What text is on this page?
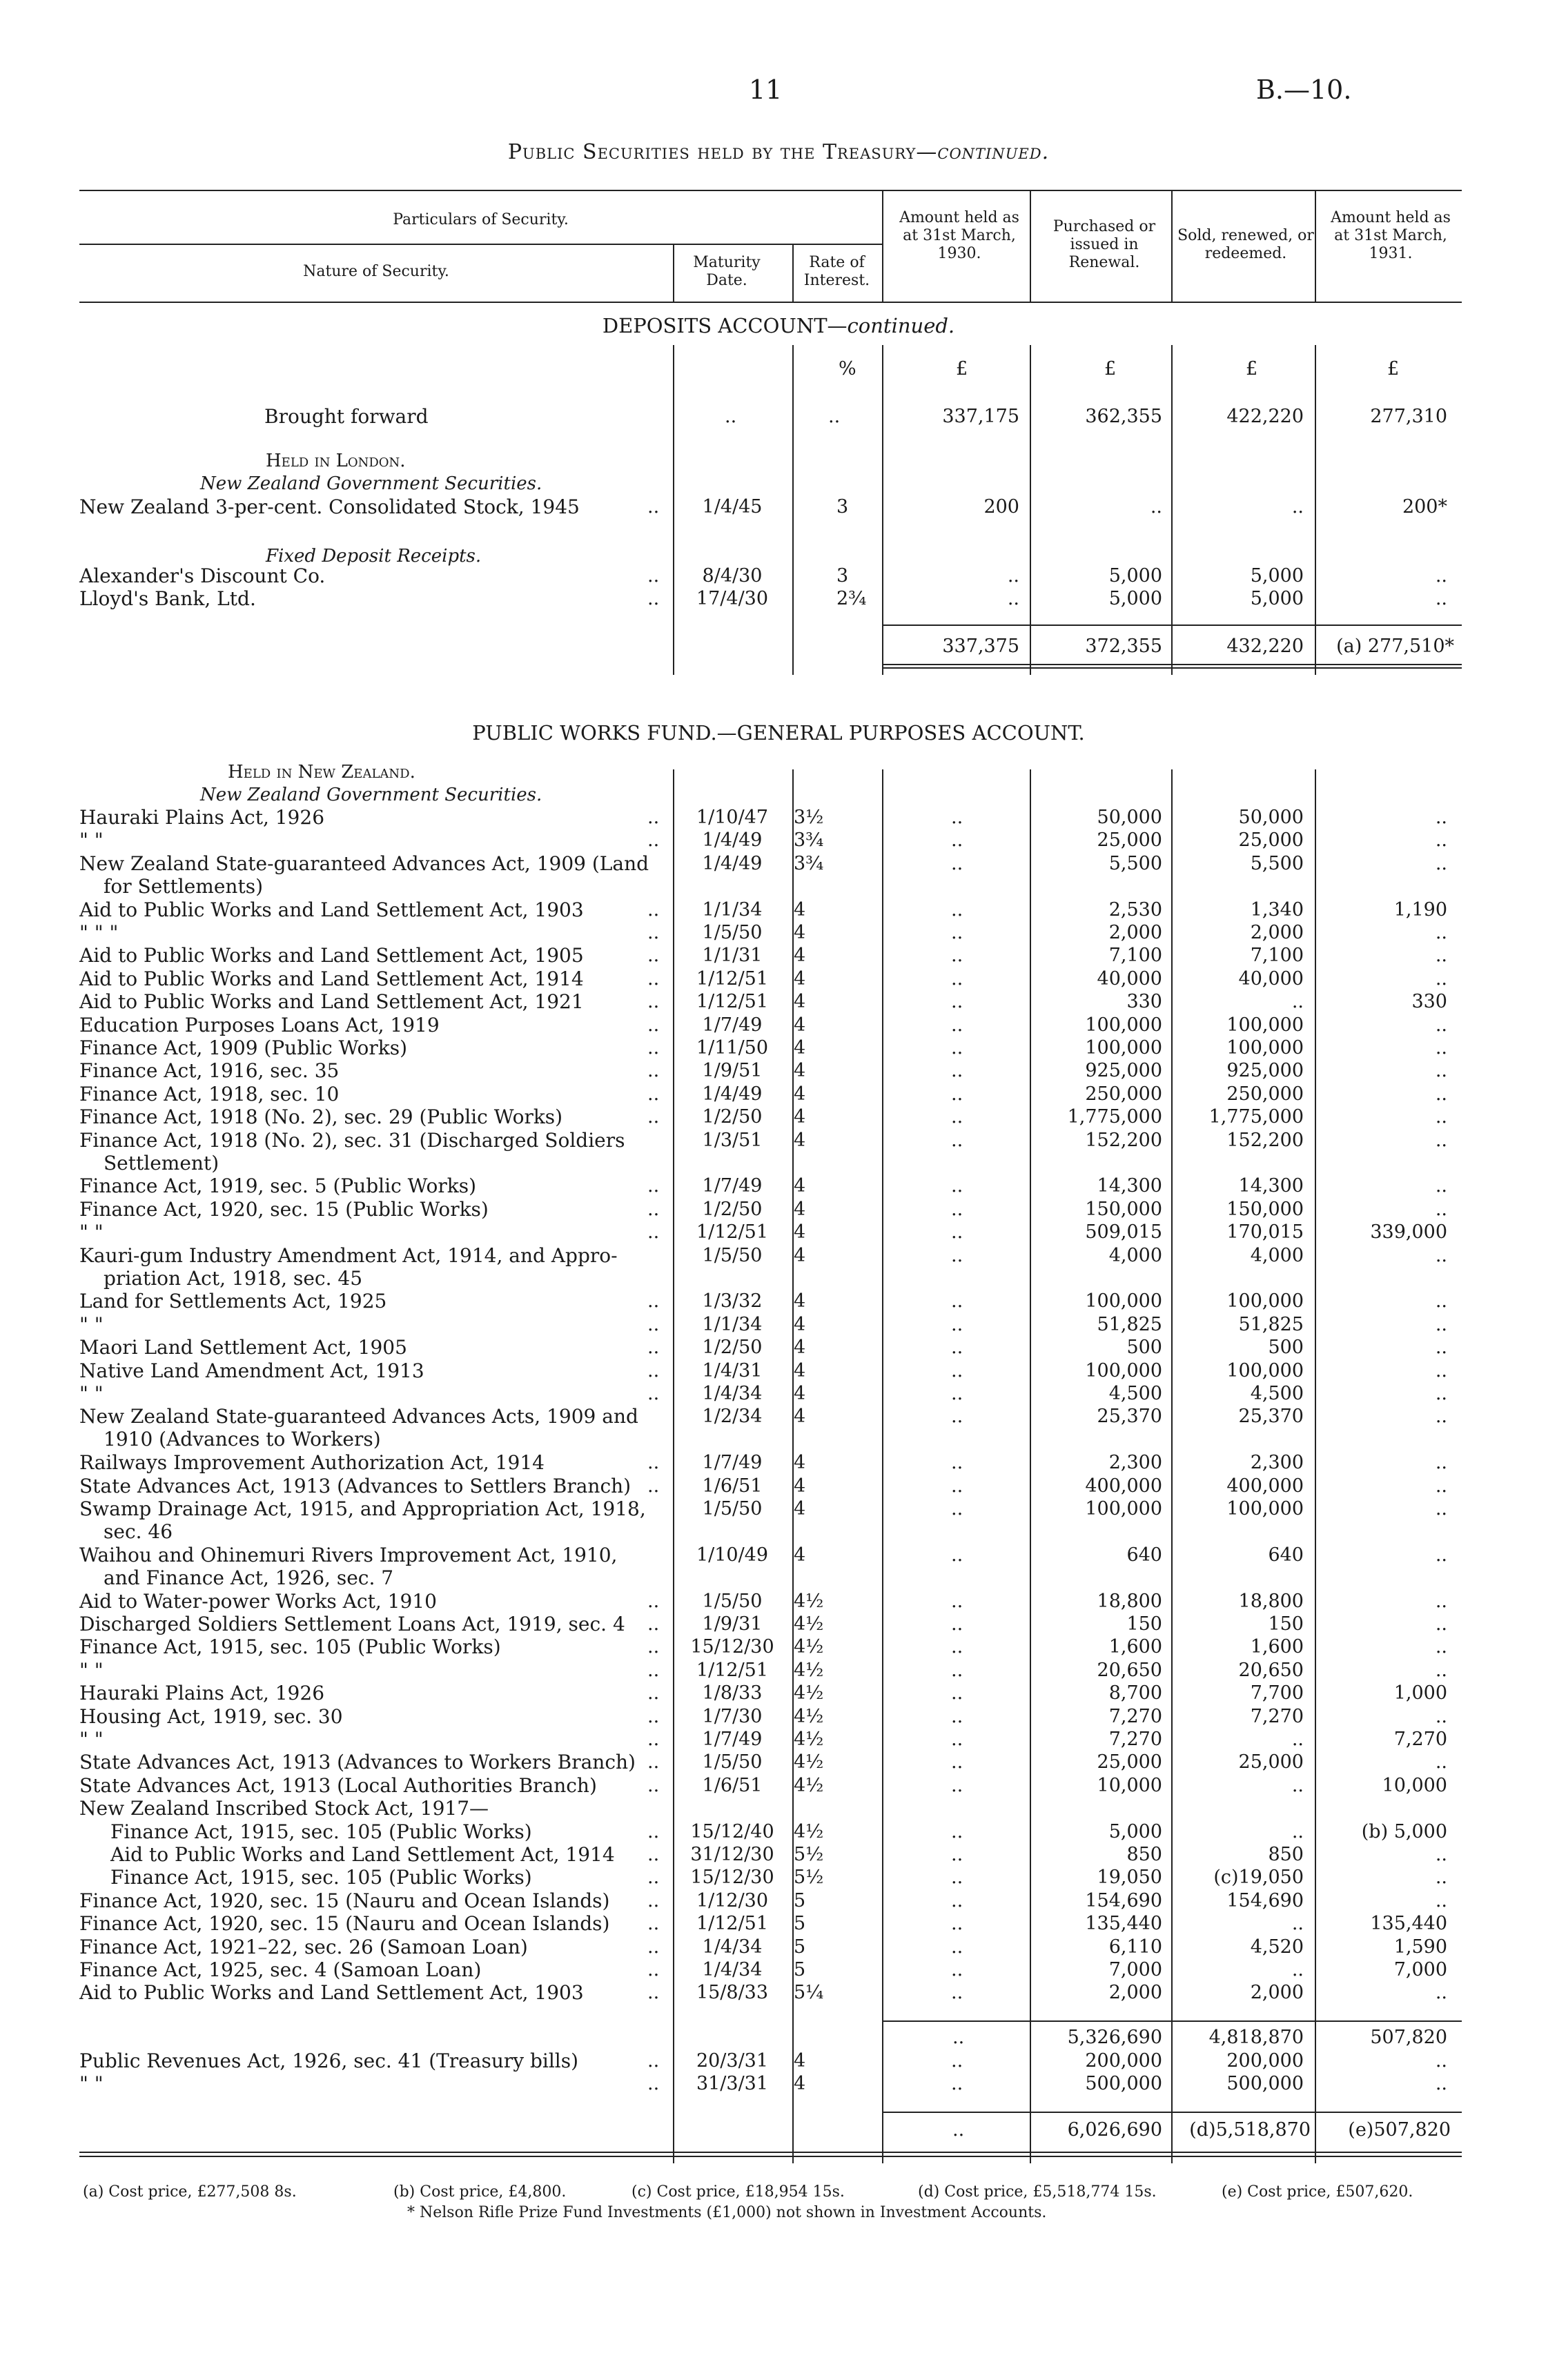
11	B.—10.
Public Securities held by the Treasury—continued.
Particulars of Security.
Nature of Security.
Maturity Date.
Rate of Interest.
Amount held as at 31st March, 1930.
Purchased or issued in Renewal.
Sold, renewed, or redeemed.
Amount held as at 31st March, 1931.
DEPOSITS ACCOUNT—continued.
%	£	£	£	£
Brought forward	..	..	337,175	362,355	422,220	277,310
Held in London.
New Zealand Government Securities.
Fixed Deposit Receipts.
New Zealand 3-per-cent. Consolidated Stock, 1945	..	1/4/45	3	200	..	..	200*
Alexander's Discount Co.	..	8/4/30	3	..	5,000	5,000	..
Lloyd's Bank, Ltd.	..	17/4/30	2¾	..	5,000	5,000	..
337,375	372,355	432,220	(a) 277,510*
PUBLIC WORKS FUND.—GENERAL PURPOSES ACCOUNT.
Held in New Zealand.
New Zealand Government Securities.
Hauraki Plains Act, 1926	..	1/10/47	3½	..	50,000	50,000	..
" "	..	1/4/49	3¾	..	25,000	25,000	..
New Zealand State-guaranteed Advances Act, 1909 (Land
for Settlements)
1/4/49	3¾	..	5,500	5,500	..
Aid to Public Works and Land Settlement Act, 1903	..	1/1/34	4	..	2,530	1,340	1,190
" " "	..	1/5/50	4	..	2,000	2,000	..
Aid to Public Works and Land Settlement Act, 1905	..	1/1/31	4	..	7,100	7,100	..
Aid to Public Works and Land Settlement Act, 1914	..	1/12/51	4	..	40,000	40,000	..
Aid to Public Works and Land Settlement Act, 1921	..	1/12/51	4	..	330	..	330
Education Purposes Loans Act, 1919	..	1/7/49	4	..	100,000	100,000	..
Finance Act, 1909 (Public Works)	..	1/11/50	4	..	100,000	100,000	..
Finance Act, 1916, sec. 35	..	1/9/51	4	..	925,000	925,000	..
Finance Act, 1918, sec. 10	..	1/4/49	4	..	250,000	250,000	..
Finance Act, 1918 (No. 2), sec. 29 (Public Works)	..	1/2/50	4	..	1,775,000	1,775,000	..
Finance Act, 1918 (No. 2), sec. 31 (Discharged Soldiers
Settlement)
1/3/51	4	..	152,200	152,200	..
Finance Act, 1919, sec. 5 (Public Works)	..	1/7/49	4	..	14,300	14,300	..
Finance Act, 1920, sec. 15 (Public Works)	..	1/2/50	4	..	150,000	150,000	..
" "	..	1/12/51	4	..	509,015	170,015	339,000
Kauri-gum Industry Amendment Act, 1914, and Appro-
priation Act, 1918, sec. 45
1/5/50	4	..	4,000	4,000	..
Land for Settlements Act, 1925	..	1/3/32	4	..	100,000	100,000	..
" "	..	1/1/34	4	..	51,825	51,825	..
Maori Land Settlement Act, 1905	..	1/2/50	4	..	500	500	..
Native Land Amendment Act, 1913	..	1/4/31	4	..	100,000	100,000	..
" "	..	1/4/34	4	..	4,500	4,500	..
New Zealand State-guaranteed Advances Acts, 1909 and
1910 (Advances to Workers)
1/2/34	4	..	25,370	25,370	..
Railways Improvement Authorization Act, 1914	..	1/7/49	4	..	2,300	2,300	..
State Advances Act, 1913 (Advances to Settlers Branch) ..	1/6/51	4	..	400,000	400,000	..
Swamp Drainage Act, 1915, and Appropriation Act, 1918,
sec. 46
1/5/50	4	..	100,000	100,000	..
Waihou and Ohinemuri Rivers Improvement Act, 1910,
and Finance Act, 1926, sec. 7
1/10/49	4	..	640	640	..
Aid to Water-power Works Act, 1910	..	1/5/50	4½	..	18,800	18,800	..
Discharged Soldiers Settlement Loans Act, 1919, sec. 4 ..	1/9/31	4½	..	150	150	..
Finance Act, 1915, sec. 105 (Public Works)	..	15/12/30	4½	..	1,600	1,600	..
" "	..	1/12/51	4½	..	20,650	20,650	..
Hauraki Plains Act, 1926	..	1/8/33	4½	..	8,700	7,700	1,000
Housing Act, 1919, sec. 30	..	1/7/30	4½	..	7,270	7,270	..
" "	..	1/7/49	4½	..	7,270	..	7,270
State Advances Act, 1913 (Advances to Workers Branch) ..	1/5/50	4½	..	25,000	25,000	..
State Advances Act, 1913 (Local Authorities Branch)	..	1/6/51	4½	..	10,000	..	10,000
New Zealand Inscribed Stock Act, 1917—
Finance Act, 1915, sec. 105 (Public Works)	..	15/12/40	4½	..	5,000	..	(b) 5,000
Aid to Public Works and Land Settlement Act, 1914 ..	31/12/30	5½	..	850	850	..
Finance Act, 1915, sec. 105 (Public Works)	..	15/12/30	5½	..	19,050	(c)19,050	..
Finance Act, 1920, sec. 15 (Nauru and Ocean Islands) ..	1/12/30	5	..	154,690	154,690	..
Finance Act, 1920, sec. 15 (Nauru and Ocean Islands) ..	1/12/51	5	..	135,440	..	135,440
Finance Act, 1921–22, sec. 26 (Samoan Loan)	..	1/4/34	5	..	6,110	4,520	1,590
Finance Act, 1925, sec. 4 (Samoan Loan)	..	1/4/34	5	..	7,000	..	7,000
Aid to Public Works and Land Settlement Act, 1903	..	15/8/33	5¼	..	2,000	2,000	..
..	5,326,690	4,818,870	507,820
Public Revenues Act, 1926, sec. 41 (Treasury bills)	..	20/3/31	4	..	200,000	200,000	..
" "	..	31/3/31	4	..	500,000	500,000	..
..	6,026,690	(d)5,518,870	(e)507,820
(a) Cost price, £277,508 8s.	(b) Cost price, £4,800.	(c) Cost price, £18,954 15s.	(d) Cost price, £5,518,774 15s.	(e) Cost price, £507,620.
* Nelson Rifle Prize Fund Investments (£1,000) not shown in Investment Accounts.
